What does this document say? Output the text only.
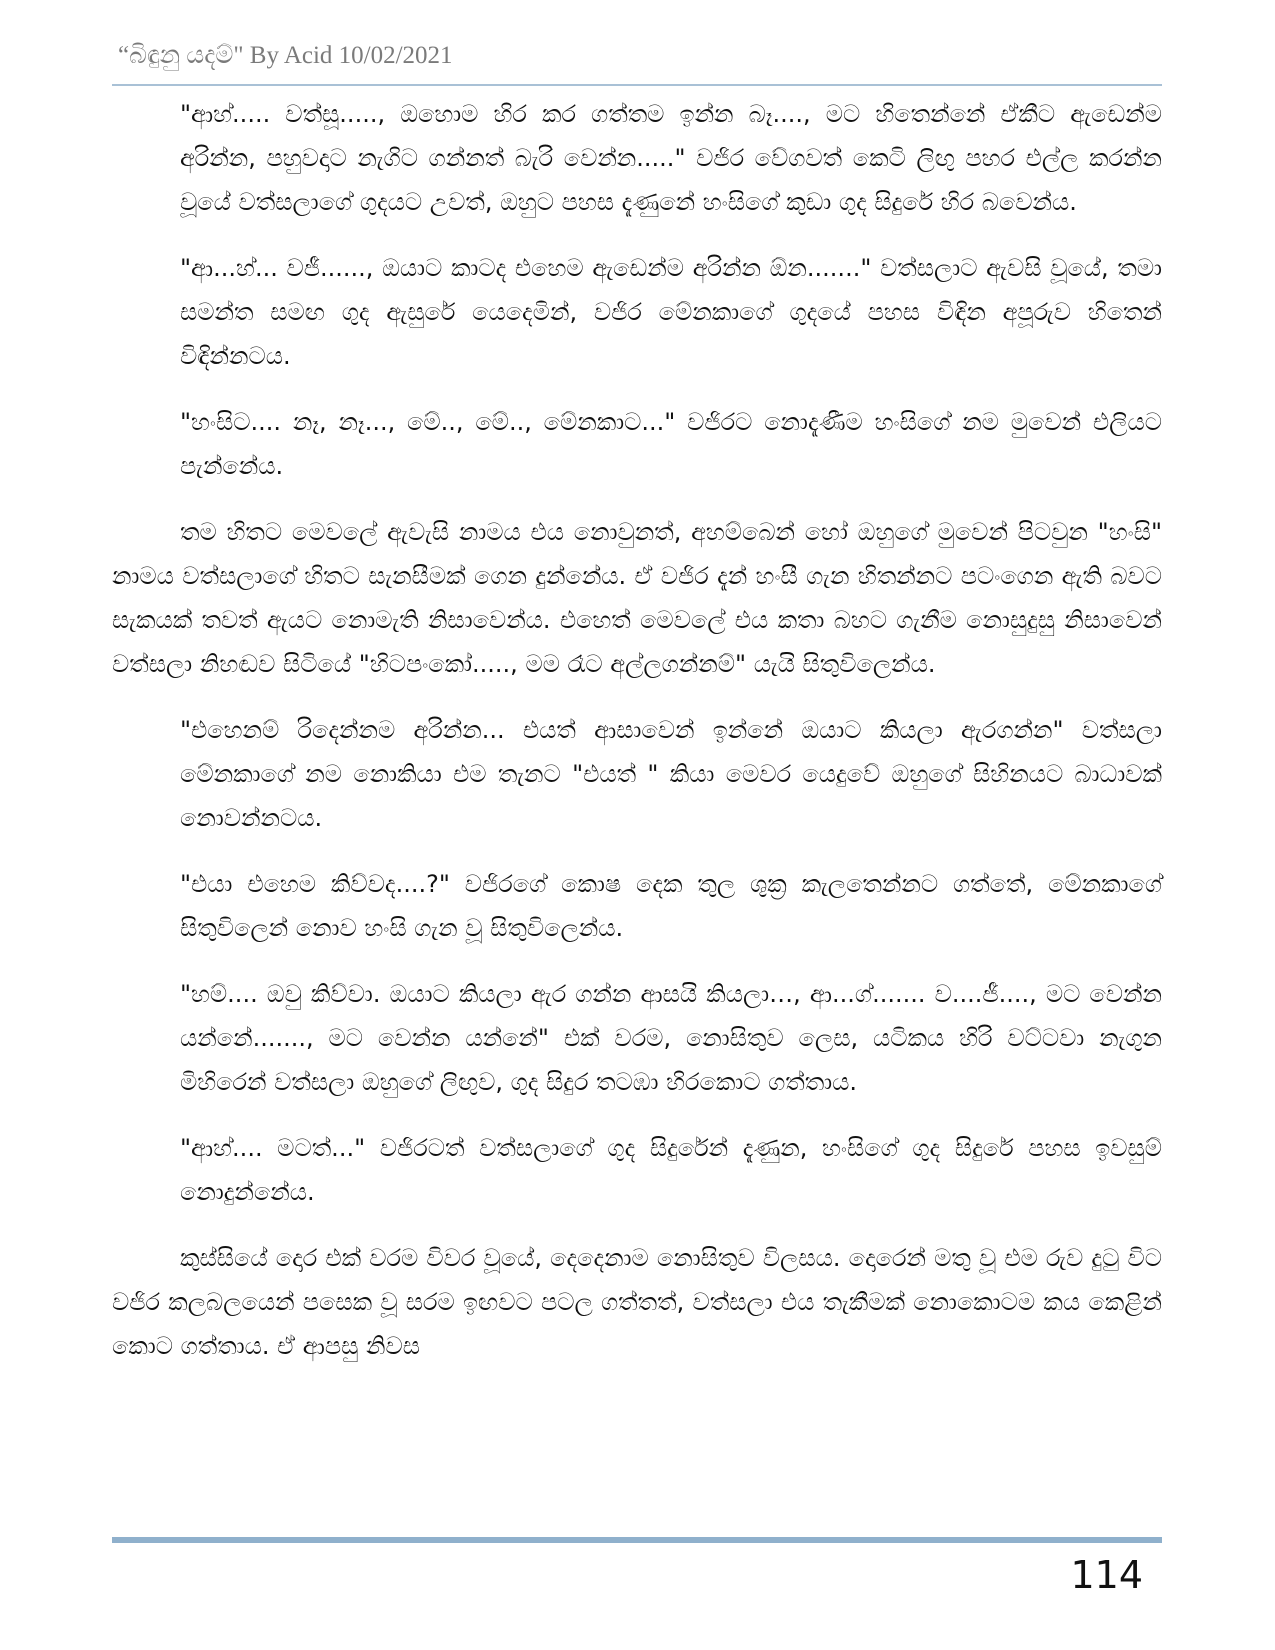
“බිඳුනු යදම්" By Acid 10/02/2021

"ආහ්..... වත්සූ....., ඔහොම හිර කර ගත්තම ඉන්න බෑ...., මට හිතෙන්නේ ඒකීට ඇඩෙන්ම අරින්න, පහුවදාට නැගිට ගන්නත් බැරි වෙන්න....." වජිර වේගවත් කෙටි ලිඟු පහර එල්ල කරන්න වූයේ වත්සලාගේ ගුදයට උවත්, ඔහුට පහස දැණුනේ හංසිගේ කුඩා ගුද සිදුරේ හිර බවෙන්ය.

"ආ...හ්... වජී......, ඔයාට කාටද එහෙම ඇඩෙන්ම අරින්න ඕන......." වත්සලාට ඇවසි වූයේ, තමා සමන්ත සමඟ ගුද ඇසුරේ යෙදෙමින්, වජිර මේනකාගේ ගුදයේ පහස විඳින අපූරුව හිතෙන් විඳින්නටය.

"හංසිට.... නෑ, නෑ..., මේ.., මේ.., මේනකාට..." වජිරට නොදැණීම හංසිගේ නම මුවෙන් එලියට පැන්නේය.

තම හිතට මෙවලේ ඇවැසි නාමය එය නොවුනත්, අහම්බෙන් හෝ ඔහුගේ මුවෙන් පිටවුන "හංසි" නාමය වත්සලාගේ හිතට සැනසීමක් ගෙන දුන්නේය. ඒ වජිර දැන් හංසී ගැන හිතන්නට පටංගෙන ඇති බවට සැකයක් තවත් ඇයට නොමැති නිසාවෙන්ය. එහෙත් මෙවලේ එය කතා බහට ගැනීම නොසුදුසු නිසාවෙන් වත්සලා නිහඬව සිටියේ "හිටපංකෝ....., මම රෑට අල්ලගන්නම්" යැයි සිතුවිලෙන්ය.

"එහෙනම් රිදෙන්නම අරින්න... එයත් ආසාවෙන් ඉන්නේ ඔයාට කියලා ඇරගන්න" වත්සලා මේනකාගේ නම නොකියා එම තැනට "එයත් " කියා මෙවර යෙදුවේ ඔහුගේ සිහිනයට බාධාවක් නොවන්නටය.

"එයා එහෙම කිව්වද....?" වජිරගේ කොෂ දෙක තුල ශුක්‍ර කැලතෙන්නට ගත්තේ, මේනකාගේ සිතුවිලෙන් නොව හංසි ගැන වූ සිතුවිලෙන්ය.

"හම්.... ඔවු කිව්වා. ඔයාට කියලා ඇර ගන්න ආසයි කියලා…, ආ...ග්....... ව....ජී...., මට වෙන්න යන්නේ......., මට වෙන්න යන්නේ" එක් වරම, නොසිතුව ලෙස, යටිකය හිරි වට්ටවා නැගුන මිහිරෙන් වත්සලා ඔහුගේ ලිඟුව, ගුද සිදුර තටඹා හිරකොට ගත්තාය.

"ආහ්.... මටත්..." වජිරටත් වත්සලාගේ ගුද සිදුරේන් දැණුන, හංසිගේ ගුද සිදුරේ පහස ඉවසුම් නොදුන්නේය.

කුස්සියේ දොර එක් වරම විවර වූයේ, දෙදෙනාම නොසිතුව විලසය. දොරෙන් මතු වූ එම රුව දුටු විට වජිර කලබලයෙන් පසෙක වූ සරම ඉඟවට පටල ගත්තත්, වත්සලා එය තැකීමක් නොකොටම කය කෙළින් කොට ගත්තාය. ඒ ආපසු නිවස

114
